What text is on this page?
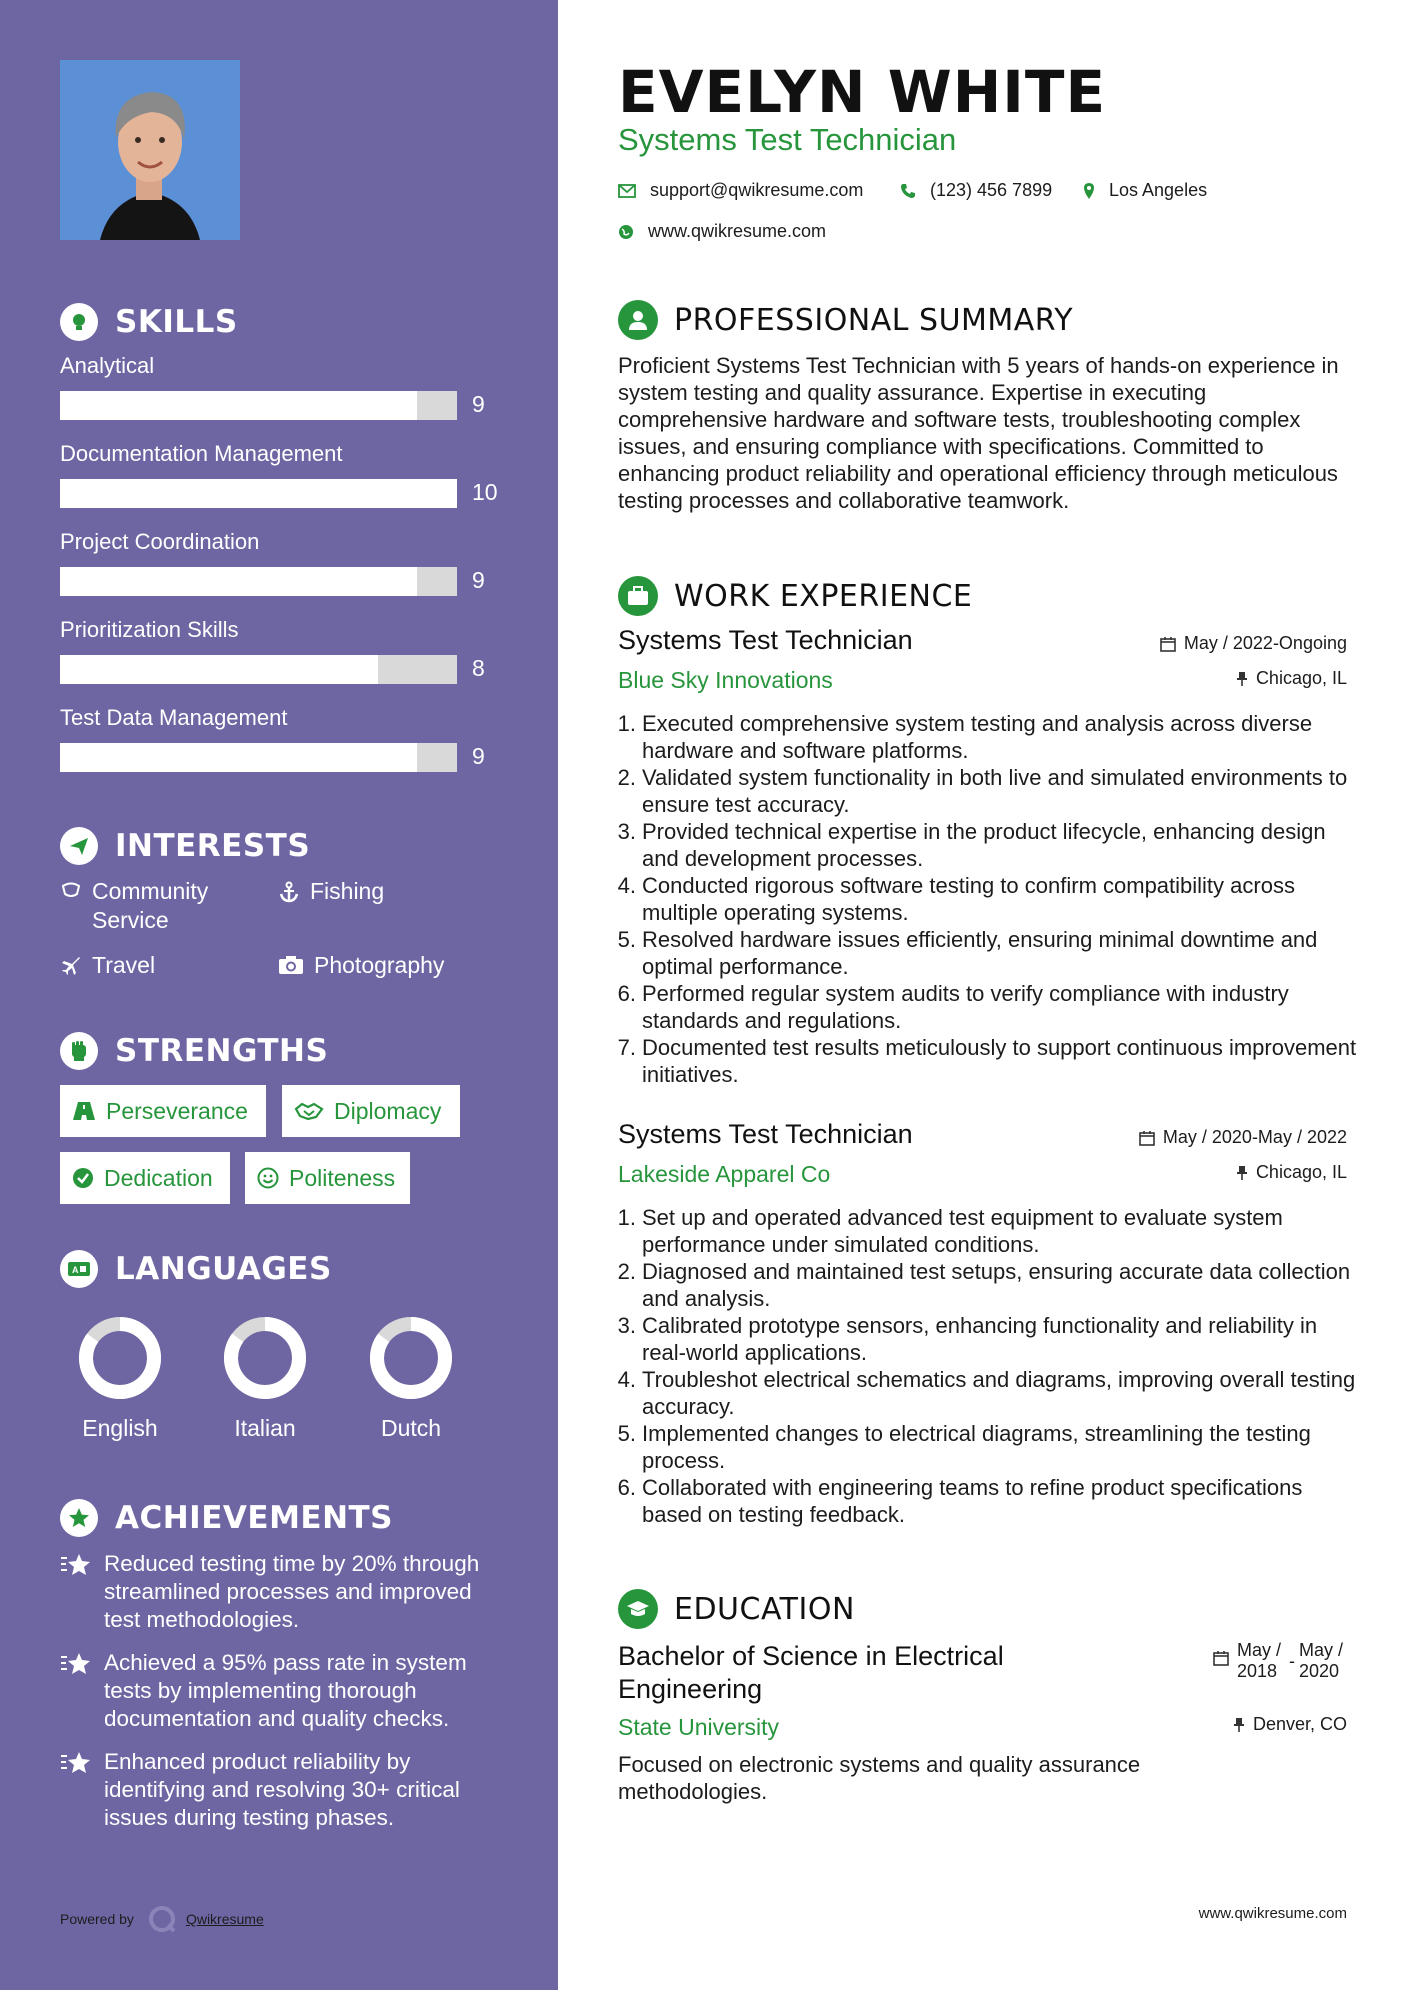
SKILLS
Analytical
9
Documentation Management
10
Project Coordination
9
Prioritization Skills
8
Test Data Management
9
INTERESTS
Community Service
Fishing
Travel	Photography
STRENGTHS
Perseverance	Diplomacy
Dedication	Politeness
A LANGUAGES
English	Italian	Dutch
ACHIEVEMENTS
Reduced testing time by 20% through streamlined processes and improved test methodologies.
Achieved a 95% pass rate in system tests by implementing thorough documentation and quality checks.
Enhanced product reliability by identifying and resolving 30+ critical issues during testing phases.
Powered by	Qwikresume
EVELYN WHITE
Systems Test Technician
support@qwikresume.com	(123) 456 7899	Los Angeles
www.qwikresume.com
PROFESSIONAL SUMMARY
Proficient Systems Test Technician with 5 years of hands-on experience in system testing and quality assurance. Expertise in executing comprehensive hardware and software tests, troubleshooting complex issues, and ensuring compliance with specifications. Committed to enhancing product reliability and operational efficiency through meticulous testing processes and collaborative teamwork.
WORK EXPERIENCE
Systems Test Technician
Blue Sky Innovations
May / 2022-Ongoing
Chicago, IL
1. Executed comprehensive system testing and analysis across diverse hardware and software platforms.
2. Validated system functionality in both live and simulated environments to ensure test accuracy.
3. Provided technical expertise in the product lifecycle, enhancing design and development processes.
4. Conducted rigorous software testing to confirm compatibility across multiple operating systems.
5. Resolved hardware issues efficiently, ensuring minimal downtime and optimal performance.
6. Performed regular system audits to verify compliance with industry standards and regulations.
7. Documented test results meticulously to support continuous improvement initiatives.
Systems Test Technician
Lakeside Apparel Co
May / 2020-May / 2022
Chicago, IL
1. Set up and operated advanced test equipment to evaluate system performance under simulated conditions.
2. Diagnosed and maintained test setups, ensuring accurate data collection and analysis.
3. Calibrated prototype sensors, enhancing functionality and reliability in real-world applications.
4. Troubleshot electrical schematics and diagrams, improving overall testing accuracy.
5. Implemented changes to electrical diagrams, streamlining the testing process.
6. Collaborated with engineering teams to refine product specifications based on testing feedback.
EDUCATION
Bachelor of Science in Electrical Engineering
State University
May / 2018 -
May / 2020
Denver, CO
Focused on electronic systems and quality assurance methodologies.
www.qwikresume.com
